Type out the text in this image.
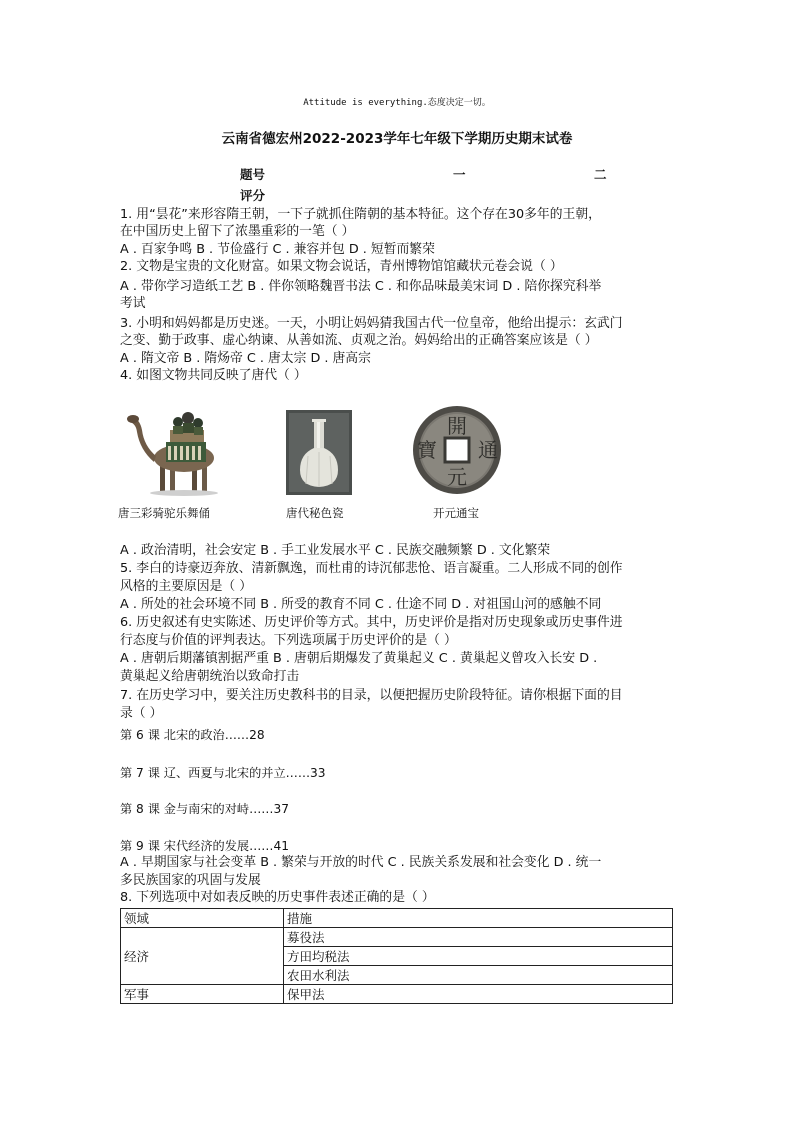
Attitude is everything.态度决定一切。
云南省德宏州2022-2023学年七年级下学期历史期末试卷
题号	一	二
评分
1. 用“昙花”来形容隋王朝，一下子就抓住隋朝的基本特征。这个存在30多年的王朝，
在中国历史上留下了浓墨重彩的一笔（ ）
A . 百家争鸣 B . 节俭盛行 C . 兼容并包 D . 短暂而繁荣
2. 文物是宝贵的文化财富。如果文物会说话，青州博物馆馆藏状元卷会说（ ）
A . 带你学习造纸工艺 B . 伴你领略魏晋书法 C . 和你品味最美宋词 D . 陪你探究科举
考试
3. 小明和妈妈都是历史迷。一天，小明让妈妈猜我国古代一位皇帝，他给出提示：玄武门
之变、勤于政事、虚心纳谏、从善如流、贞观之治。妈妈给出的正确答案应该是（ ）
A . 隋文帝 B . 隋炀帝 C . 唐太宗 D . 唐高宗
4. 如图文物共同反映了唐代（ ）
開
元
通
寶
唐三彩骑驼乐舞俑	唐代秘色瓷	开元通宝
A . 政治清明，社会安定 B . 手工业发展水平 C . 民族交融频繁 D . 文化繁荣
5. 李白的诗豪迈奔放、清新飘逸，而杜甫的诗沉郁悲怆、语言凝重。二人形成不同的创作
风格的主要原因是（ ）
A . 所处的社会环境不同 B . 所受的教育不同 C . 仕途不同 D . 对祖国山河的感触不同
6. 历史叙述有史实陈述、历史评价等方式。其中，历史评价是指对历史现象或历史事件进
行态度与价值的评判表达。下列选项属于历史评价的是（ ）
A . 唐朝后期藩镇割据严重 B . 唐朝后期爆发了黄巢起义 C . 黄巢起义曾攻入长安 D .
黄巢起义给唐朝统治以致命打击
7. 在历史学习中，要关注历史教科书的目录，以便把握历史阶段特征。请你根据下面的目
录（ ）
第 6 课 北宋的政治……28
第 7 课 辽、西夏与北宋的并立……33
第 8 课 金与南宋的对峙……37
第 9 课 宋代经济的发展……41
A . 早期国家与社会变革 B . 繁荣与开放的时代 C . 民族关系发展和社会变化 D . 统一
多民族国家的巩固与发展
8. 下列选项中对如表反映的历史事件表述正确的是（ ）
领域	措施
经济	募役法
	方田均税法
	农田水利法
军事	保甲法
